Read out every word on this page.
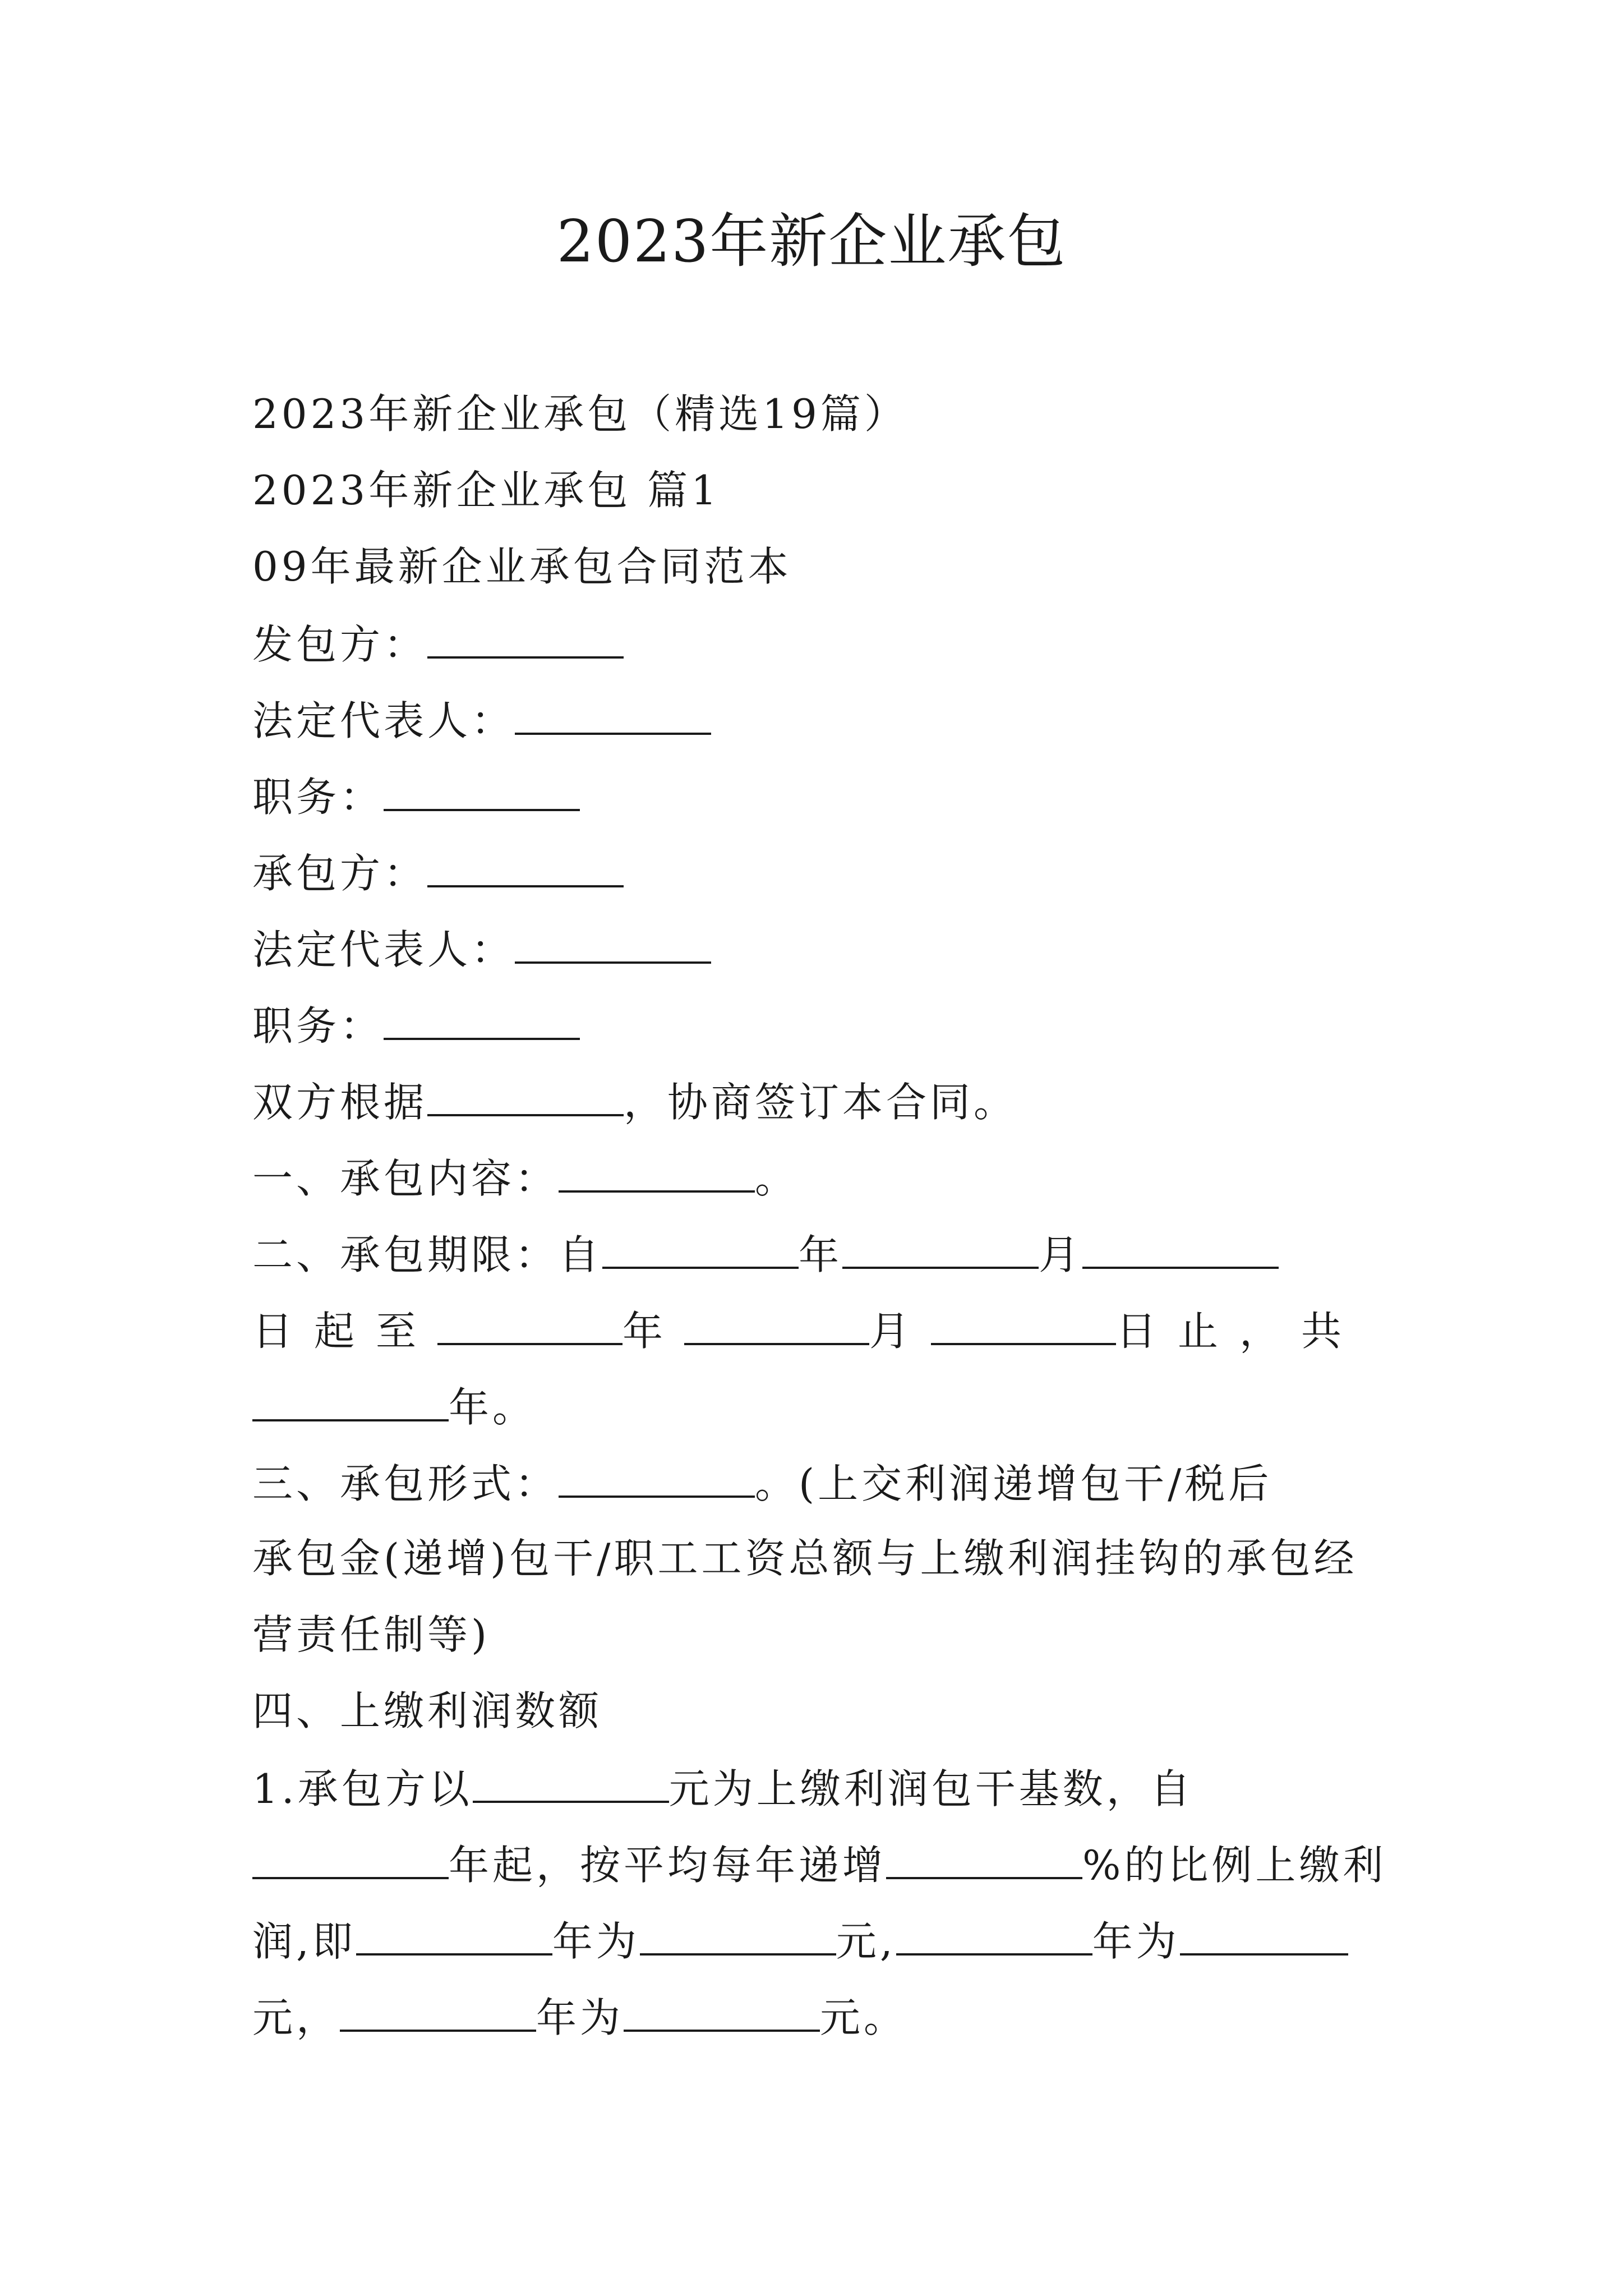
2023年新企业承包
2023年新企业承包（精选19篇）
2023年新企业承包 篇1
09年最新企业承包合同范本
发包方：
法定代表人：
职务：
承包方：
法定代表人：
职务：
双方根据	，协商签订本合同。
一、承包内容：	。
二、承包期限：自	年	月
日起至	年	月	日止，共
年。
三、承包形式：	。(上交利润递增包干/税后
承包金(递增)包干/职工工资总额与上缴利润挂钩的承包经
营责任制等)
四、上缴利润数额
1.承包方以	元为上缴利润包干基数，自
年起，按平均每年递增	%的比例上缴利
润,即	年为	元,	年为
元，	年为	元。
